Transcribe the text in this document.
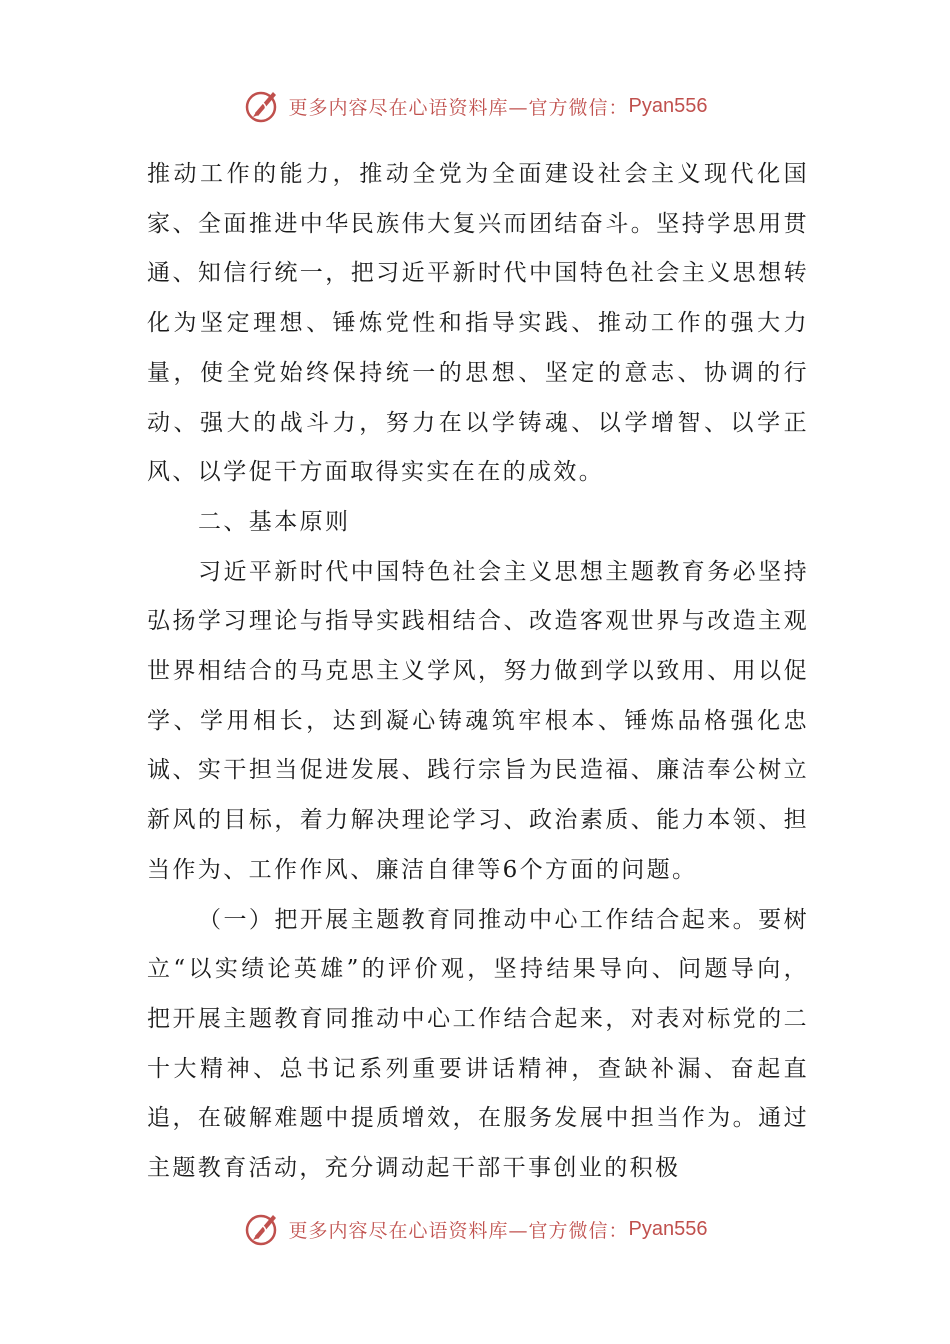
更多内容尽在心语资料库—官方微信： Pyan556

推动工作的能力，推动全党为全面建设社会主义现代化国家、全面推进中华民族伟大复兴而团结奋斗。坚持学思用贯通、知信行统一，把习近平新时代中国特色社会主义思想转化为坚定理想、锤炼党性和指导实践、推动工作的强大力量，使全党始终保持统一的思想、坚定的意志、协调的行动、强大的战斗力，努力在以学铸魂、以学增智、以学正风、以学促干方面取得实实在在的成效。

二、基本原则

习近平新时代中国特色社会主义思想主题教育务必坚持弘扬学习理论与指导实践相结合、改造客观世界与改造主观世界相结合的马克思主义学风，努力做到学以致用、用以促学、学用相长，达到凝心铸魂筑牢根本、锤炼品格强化忠诚、实干担当促进发展、践行宗旨为民造福、廉洁奉公树立新风的目标，着力解决理论学习、政治素质、能力本领、担当作为、工作作风、廉洁自律等6个方面的问题。

（一）把开展主题教育同推动中心工作结合起来。要树立“以实绩论英雄”的评价观，坚持结果导向、问题导向，把开展主题教育同推动中心工作结合起来，对表对标党的二十大精神、总书记系列重要讲话精神，查缺补漏、奋起直追，在破解难题中提质增效，在服务发展中担当作为。通过主题教育活动，充分调动起干部干事创业的积极

更多内容尽在心语资料库—官方微信： Pyan556
